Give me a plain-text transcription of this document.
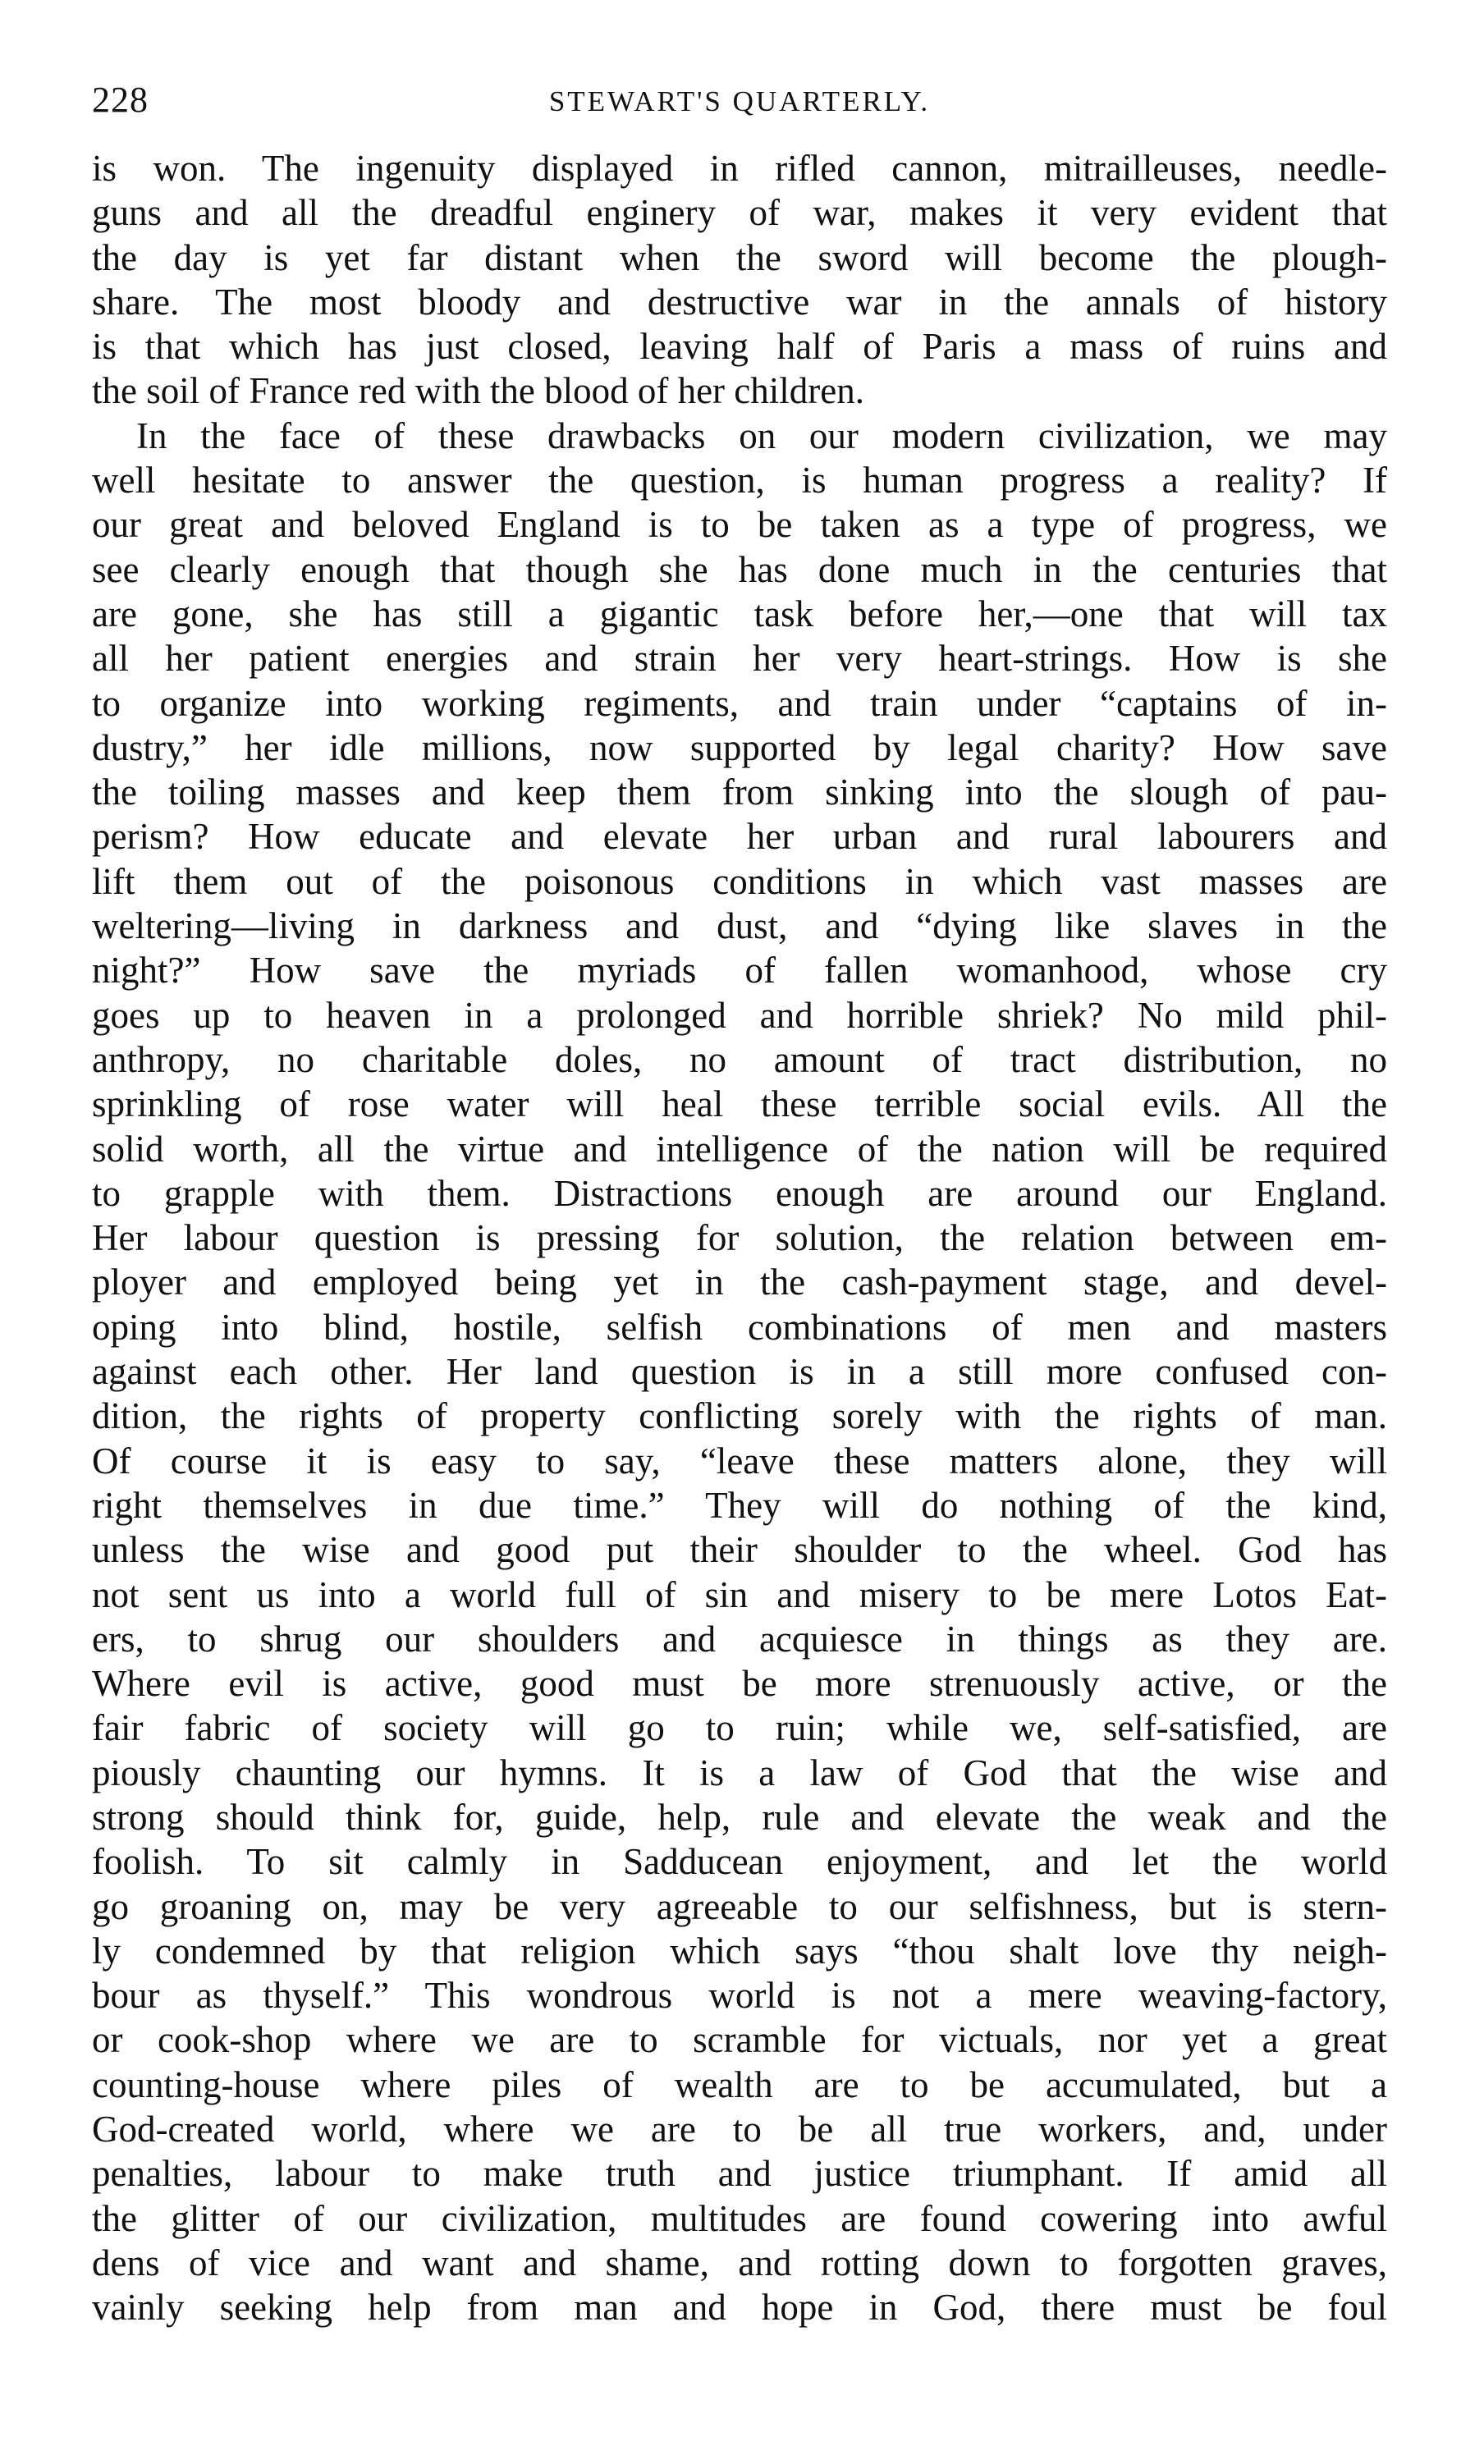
228	STEWART'S QUARTERLY.
is won. The ingenuity displayed in rifled cannon, mitrailleuses, needle-
guns and all the dreadful enginery of war, makes it very evident that
the day is yet far distant when the sword will become the plough-
share. The most bloody and destructive war in the annals of history
is that which has just closed, leaving half of Paris a mass of ruins and
the soil of France red with the blood of her children.
In the face of these drawbacks on our modern civilization, we may
well hesitate to answer the question, is human progress a reality? If
our great and beloved England is to be taken as a type of progress, we
see clearly enough that though she has done much in the centuries that
are gone, she has still a gigantic task before her,—one that will tax
all her patient energies and strain her very heart-strings. How is she
to organize into working regiments, and train under “captains of in-
dustry,” her idle millions, now supported by legal charity? How save
the toiling masses and keep them from sinking into the slough of pau-
perism? How educate and elevate her urban and rural labourers and
lift them out of the poisonous conditions in which vast masses are
weltering—living in darkness and dust, and “dying like slaves in the
night?” How save the myriads of fallen womanhood, whose cry
goes up to heaven in a prolonged and horrible shriek? No mild phil-
anthropy, no charitable doles, no amount of tract distribution, no
sprinkling of rose water will heal these terrible social evils. All the
solid worth, all the virtue and intelligence of the nation will be required
to grapple with them. Distractions enough are around our England.
Her labour question is pressing for solution, the relation between em-
ployer and employed being yet in the cash-payment stage, and devel-
oping into blind, hostile, selfish combinations of men and masters
against each other. Her land question is in a still more confused con-
dition, the rights of property conflicting sorely with the rights of man.
Of course it is easy to say, “leave these matters alone, they will
right themselves in due time.” They will do nothing of the kind,
unless the wise and good put their shoulder to the wheel. God has
not sent us into a world full of sin and misery to be mere Lotos Eat-
ers, to shrug our shoulders and acquiesce in things as they are.
Where evil is active, good must be more strenuously active, or the
fair fabric of society will go to ruin; while we, self-satisfied, are
piously chaunting our hymns. It is a law of God that the wise and
strong should think for, guide, help, rule and elevate the weak and the
foolish. To sit calmly in Sadducean enjoyment, and let the world
go groaning on, may be very agreeable to our selfishness, but is stern-
ly condemned by that religion which says “thou shalt love thy neigh-
bour as thyself.” This wondrous world is not a mere weaving-factory,
or cook-shop where we are to scramble for victuals, nor yet a great
counting-house where piles of wealth are to be accumulated, but a
God-created world, where we are to be all true workers, and, under
penalties, labour to make truth and justice triumphant. If amid all
the glitter of our civilization, multitudes are found cowering into awful
dens of vice and want and shame, and rotting down to forgotten graves,
vainly seeking help from man and hope in God, there must be foul
